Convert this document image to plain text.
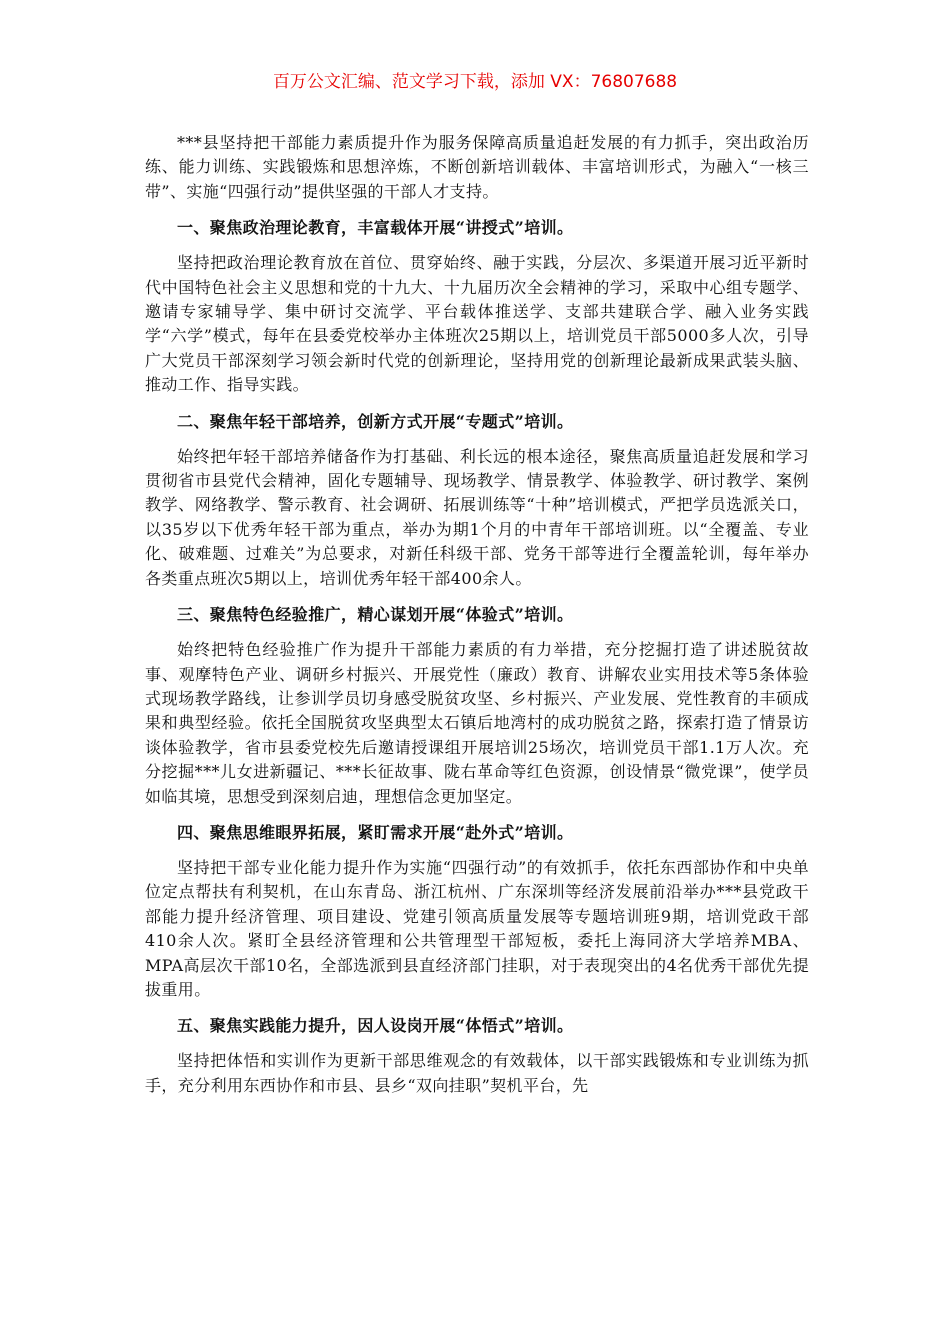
百万公文汇编、范文学习下载，添加 VX：76807688

***县坚持把干部能力素质提升作为服务保障高质量追赶发展的有力抓手，突出政治历练、能力训练、实践锻炼和思想淬炼，不断创新培训载体、丰富培训形式，为融入“一核三带”、实施“四强行动”提供坚强的干部人才支持。

一、聚焦政治理论教育，丰富载体开展“讲授式”培训。

坚持把政治理论教育放在首位、贯穿始终、融于实践，分层次、多渠道开展习近平新时代中国特色社会主义思想和党的十九大、十九届历次全会精神的学习，采取中心组专题学、邀请专家辅导学、集中研讨交流学、平台载体推送学、支部共建联合学、融入业务实践学“六学”模式，每年在县委党校举办主体班次25期以上，培训党员干部5000多人次，引导广大党员干部深刻学习领会新时代党的创新理论，坚持用党的创新理论最新成果武装头脑、推动工作、指导实践。

二、聚焦年轻干部培养，创新方式开展“专题式”培训。

始终把年轻干部培养储备作为打基础、利长远的根本途径，聚焦高质量追赶发展和学习贯彻省市县党代会精神，固化专题辅导、现场教学、情景教学、体验教学、研讨教学、案例教学、网络教学、警示教育、社会调研、拓展训练等“十种”培训模式，严把学员选派关口，以35岁以下优秀年轻干部为重点，举办为期1个月的中青年干部培训班。以“全覆盖、专业化、破难题、过难关”为总要求，对新任科级干部、党务干部等进行全覆盖轮训，每年举办各类重点班次5期以上，培训优秀年轻干部400余人。

三、聚焦特色经验推广，精心谋划开展“体验式”培训。

始终把特色经验推广作为提升干部能力素质的有力举措，充分挖掘打造了讲述脱贫故事、观摩特色产业、调研乡村振兴、开展党性（廉政）教育、讲解农业实用技术等5条体验式现场教学路线，让参训学员切身感受脱贫攻坚、乡村振兴、产业发展、党性教育的丰硕成果和典型经验。依托全国脱贫攻坚典型太石镇后地湾村的成功脱贫之路，探索打造了情景访谈体验教学，省市县委党校先后邀请授课组开展培训25场次，培训党员干部1.1万人次。充分挖掘***儿女进新疆记、***长征故事、陇右革命等红色资源，创设情景“微党课”，使学员如临其境，思想受到深刻启迪，理想信念更加坚定。

四、聚焦思维眼界拓展，紧盯需求开展“赴外式”培训。

坚持把干部专业化能力提升作为实施“四强行动”的有效抓手，依托东西部协作和中央单位定点帮扶有利契机，在山东青岛、浙江杭州、广东深圳等经济发展前沿举办***县党政干部能力提升经济管理、项目建设、党建引领高质量发展等专题培训班9期，培训党政干部410余人次。紧盯全县经济管理和公共管理型干部短板，委托上海同济大学培养MBA、MPA高层次干部10名，全部选派到县直经济部门挂职，对于表现突出的4名优秀干部优先提拔重用。

五、聚焦实践能力提升，因人设岗开展“体悟式”培训。

坚持把体悟和实训作为更新干部思维观念的有效载体，以干部实践锻炼和专业训练为抓手，充分利用东西协作和市县、县乡“双向挂职”契机平台，先
